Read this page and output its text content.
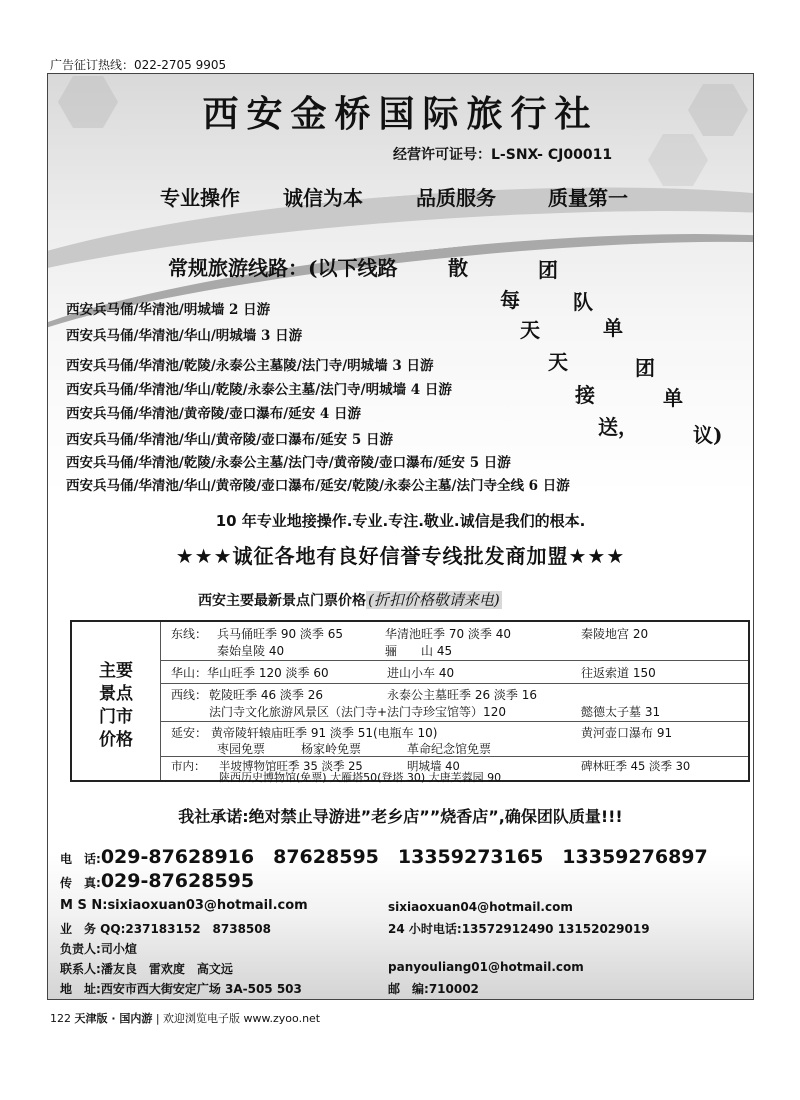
广告征订热线：022-2705 9905
西安金桥国际旅行社
经营许可证号：L-SNX- CJ00011
专业操作 诚信为本	品质服务	质量第一
常规旅游线路：(以下线路	散	团
每	队
天	单
天	团
接	单
送，	议)
西安兵马俑/华清池/明城墙 2 日游
西安兵马俑/华清池/华山/明城墙 3 日游
西安兵马俑/华清池/乾陵/永泰公主墓陵/法门寺/明城墙 3 日游
西安兵马俑/华清池/华山/乾陵/永泰公主墓/法门寺/明城墙 4 日游
西安兵马俑/华清池/黄帝陵/壶口瀑布/延安 4 日游
西安兵马俑/华清池/华山/黄帝陵/壶口瀑布/延安 5 日游
西安兵马俑/华清池/乾陵/永泰公主墓/法门寺/黄帝陵/壶口瀑布/延安 5 日游
西安兵马俑/华清池/华山/黄帝陵/壶口瀑布/延安/乾陵/永泰公主墓/法门寺全线 6 日游
10 年专业地接操作.专业.专注.敬业.诚信是我们的根本.
★★★诚征各地有良好信誉专线批发商加盟★★★
西安主要最新景点门票价格 (折扣价格敬请来电)
主要
景点
门市
价格
东线： 兵马俑旺季 90 淡季 65	华清池旺季 70 淡季 40	秦陵地宫 20
秦始皇陵 40	骊　　山 45
华山： 华山旺季 120 淡季 60	进山小车 40	往返索道 150
西线： 乾陵旺季 46 淡季 26	永泰公主墓旺季 26 淡季 16
法门寺文化旅游风景区（法门寺+法门寺珍宝馆等）120	懿德太子墓 31
延安： 黄帝陵轩辕庙旺季 91 淡季 51(电瓶车 10)	黄河壶口瀑布 91
枣园免票	杨家岭免票	革命纪念馆免票
市内： 半坡博物馆旺季 35 淡季 25	明城墙 40	碑林旺季 45 淡季 30
陕西历史博物馆(免票) 大雁塔50(登塔 30) 大唐芙蓉园 90
我社承诺:绝对禁止导游进”老乡店””烧香店”,确保团队质量!!!
电　话:029-87628916　87628595　13359273165　13359276897
传　真:029-87628595
M S N:sixiaoxuan03@hotmail.com	sixiaoxuan04@hotmail.com
业　务 QQ:237183152　8738508	24 小时电话:13572912490 13152029019
负责人:司小煊
联系人:潘友良　雷欢度　高文远	panyouliang01@hotmail.com
地　址:西安市西大街安定广场 3A-505 503	邮　编:710002
122 天津版 · 国内游 | 欢迎浏览电子版 www.zyoo.net
